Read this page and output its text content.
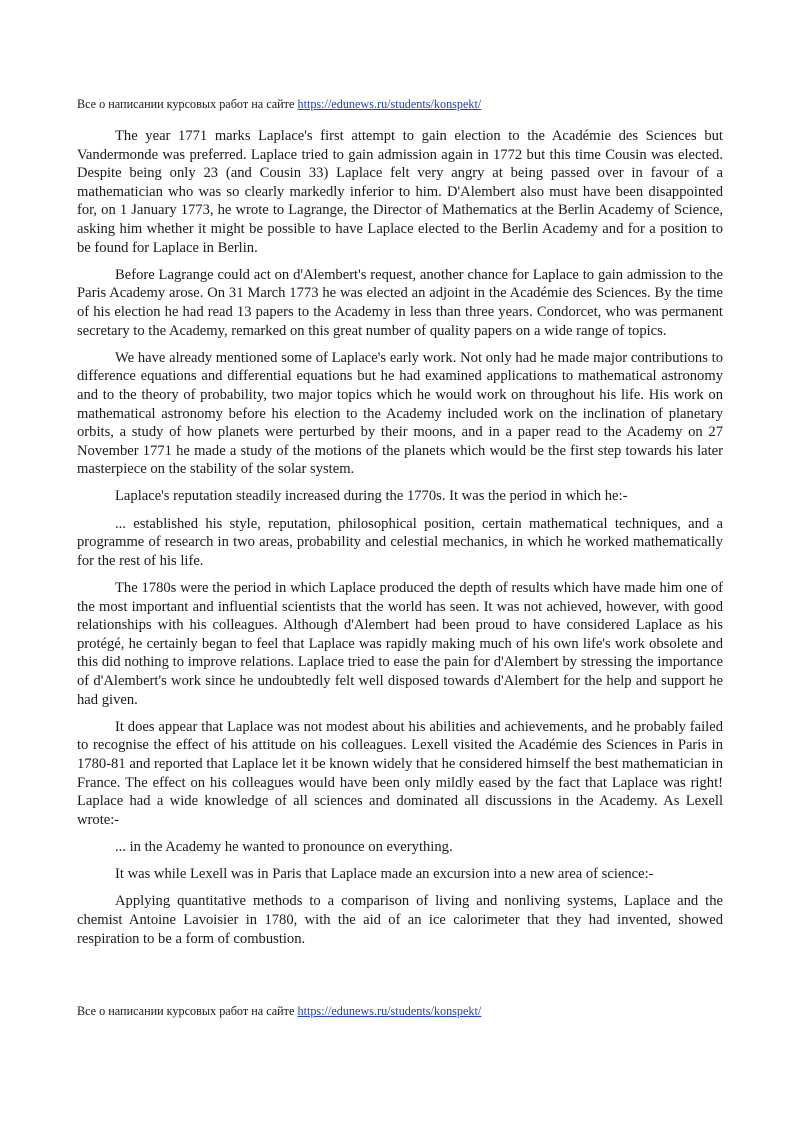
Все о написании курсовых работ на сайте https://edunews.ru/students/konspekt/

The year 1771 marks Laplace's first attempt to gain election to the Académie des Sciences but Vandermonde was preferred. Laplace tried to gain admission again in 1772 but this time Cousin was elected. Despite being only 23 (and Cousin 33) Laplace felt very angry at being passed over in favour of a mathematician who was so clearly markedly inferior to him. D'Alembert also must have been disappointed for, on 1 January 1773, he wrote to Lagrange, the Director of Mathematics at the Berlin Academy of Science, asking him whether it might be possible to have Laplace elected to the Berlin Academy and for a position to be found for Laplace in Berlin.

Before Lagrange could act on d'Alembert's request, another chance for Laplace to gain admission to the Paris Academy arose. On 31 March 1773 he was elected an adjoint in the Académie des Sciences. By the time of his election he had read 13 papers to the Academy in less than three years. Condorcet, who was permanent secretary to the Academy, remarked on this great number of quality papers on a wide range of topics.

We have already mentioned some of Laplace's early work. Not only had he made major contributions to difference equations and differential equations but he had examined applications to mathematical astronomy and to the theory of probability, two major topics which he would work on throughout his life. His work on mathematical astronomy before his election to the Academy included work on the inclination of planetary orbits, a study of how planets were perturbed by their moons, and in a paper read to the Academy on 27 November 1771 he made a study of the motions of the planets which would be the first step towards his later masterpiece on the stability of the solar system.

Laplace's reputation steadily increased during the 1770s. It was the period in which he:-

... established his style, reputation, philosophical position, certain mathematical techniques, and a programme of research in two areas, probability and celestial mechanics, in which he worked mathematically for the rest of his life.

The 1780s were the period in which Laplace produced the depth of results which have made him one of the most important and influential scientists that the world has seen. It was not achieved, however, with good relationships with his colleagues. Although d'Alembert had been proud to have considered Laplace as his protégé, he certainly began to feel that Laplace was rapidly making much of his own life's work obsolete and this did nothing to improve relations. Laplace tried to ease the pain for d'Alembert by stressing the importance of d'Alembert's work since he undoubtedly felt well disposed towards d'Alembert for the help and support he had given.

It does appear that Laplace was not modest about his abilities and achievements, and he probably failed to recognise the effect of his attitude on his colleagues. Lexell visited the Académie des Sciences in Paris in 1780-81 and reported that Laplace let it be known widely that he considered himself the best mathematician in France. The effect on his colleagues would have been only mildly eased by the fact that Laplace was right! Laplace had a wide knowledge of all sciences and dominated all discussions in the Academy. As Lexell wrote:-

... in the Academy he wanted to pronounce on everything.

It was while Lexell was in Paris that Laplace made an excursion into a new area of science:-

Applying quantitative methods to a comparison of living and nonliving systems, Laplace and the chemist Antoine Lavoisier in 1780, with the aid of an ice calorimeter that they had invented, showed respiration to be a form of combustion.

Все о написании курсовых работ на сайте https://edunews.ru/students/konspekt/
